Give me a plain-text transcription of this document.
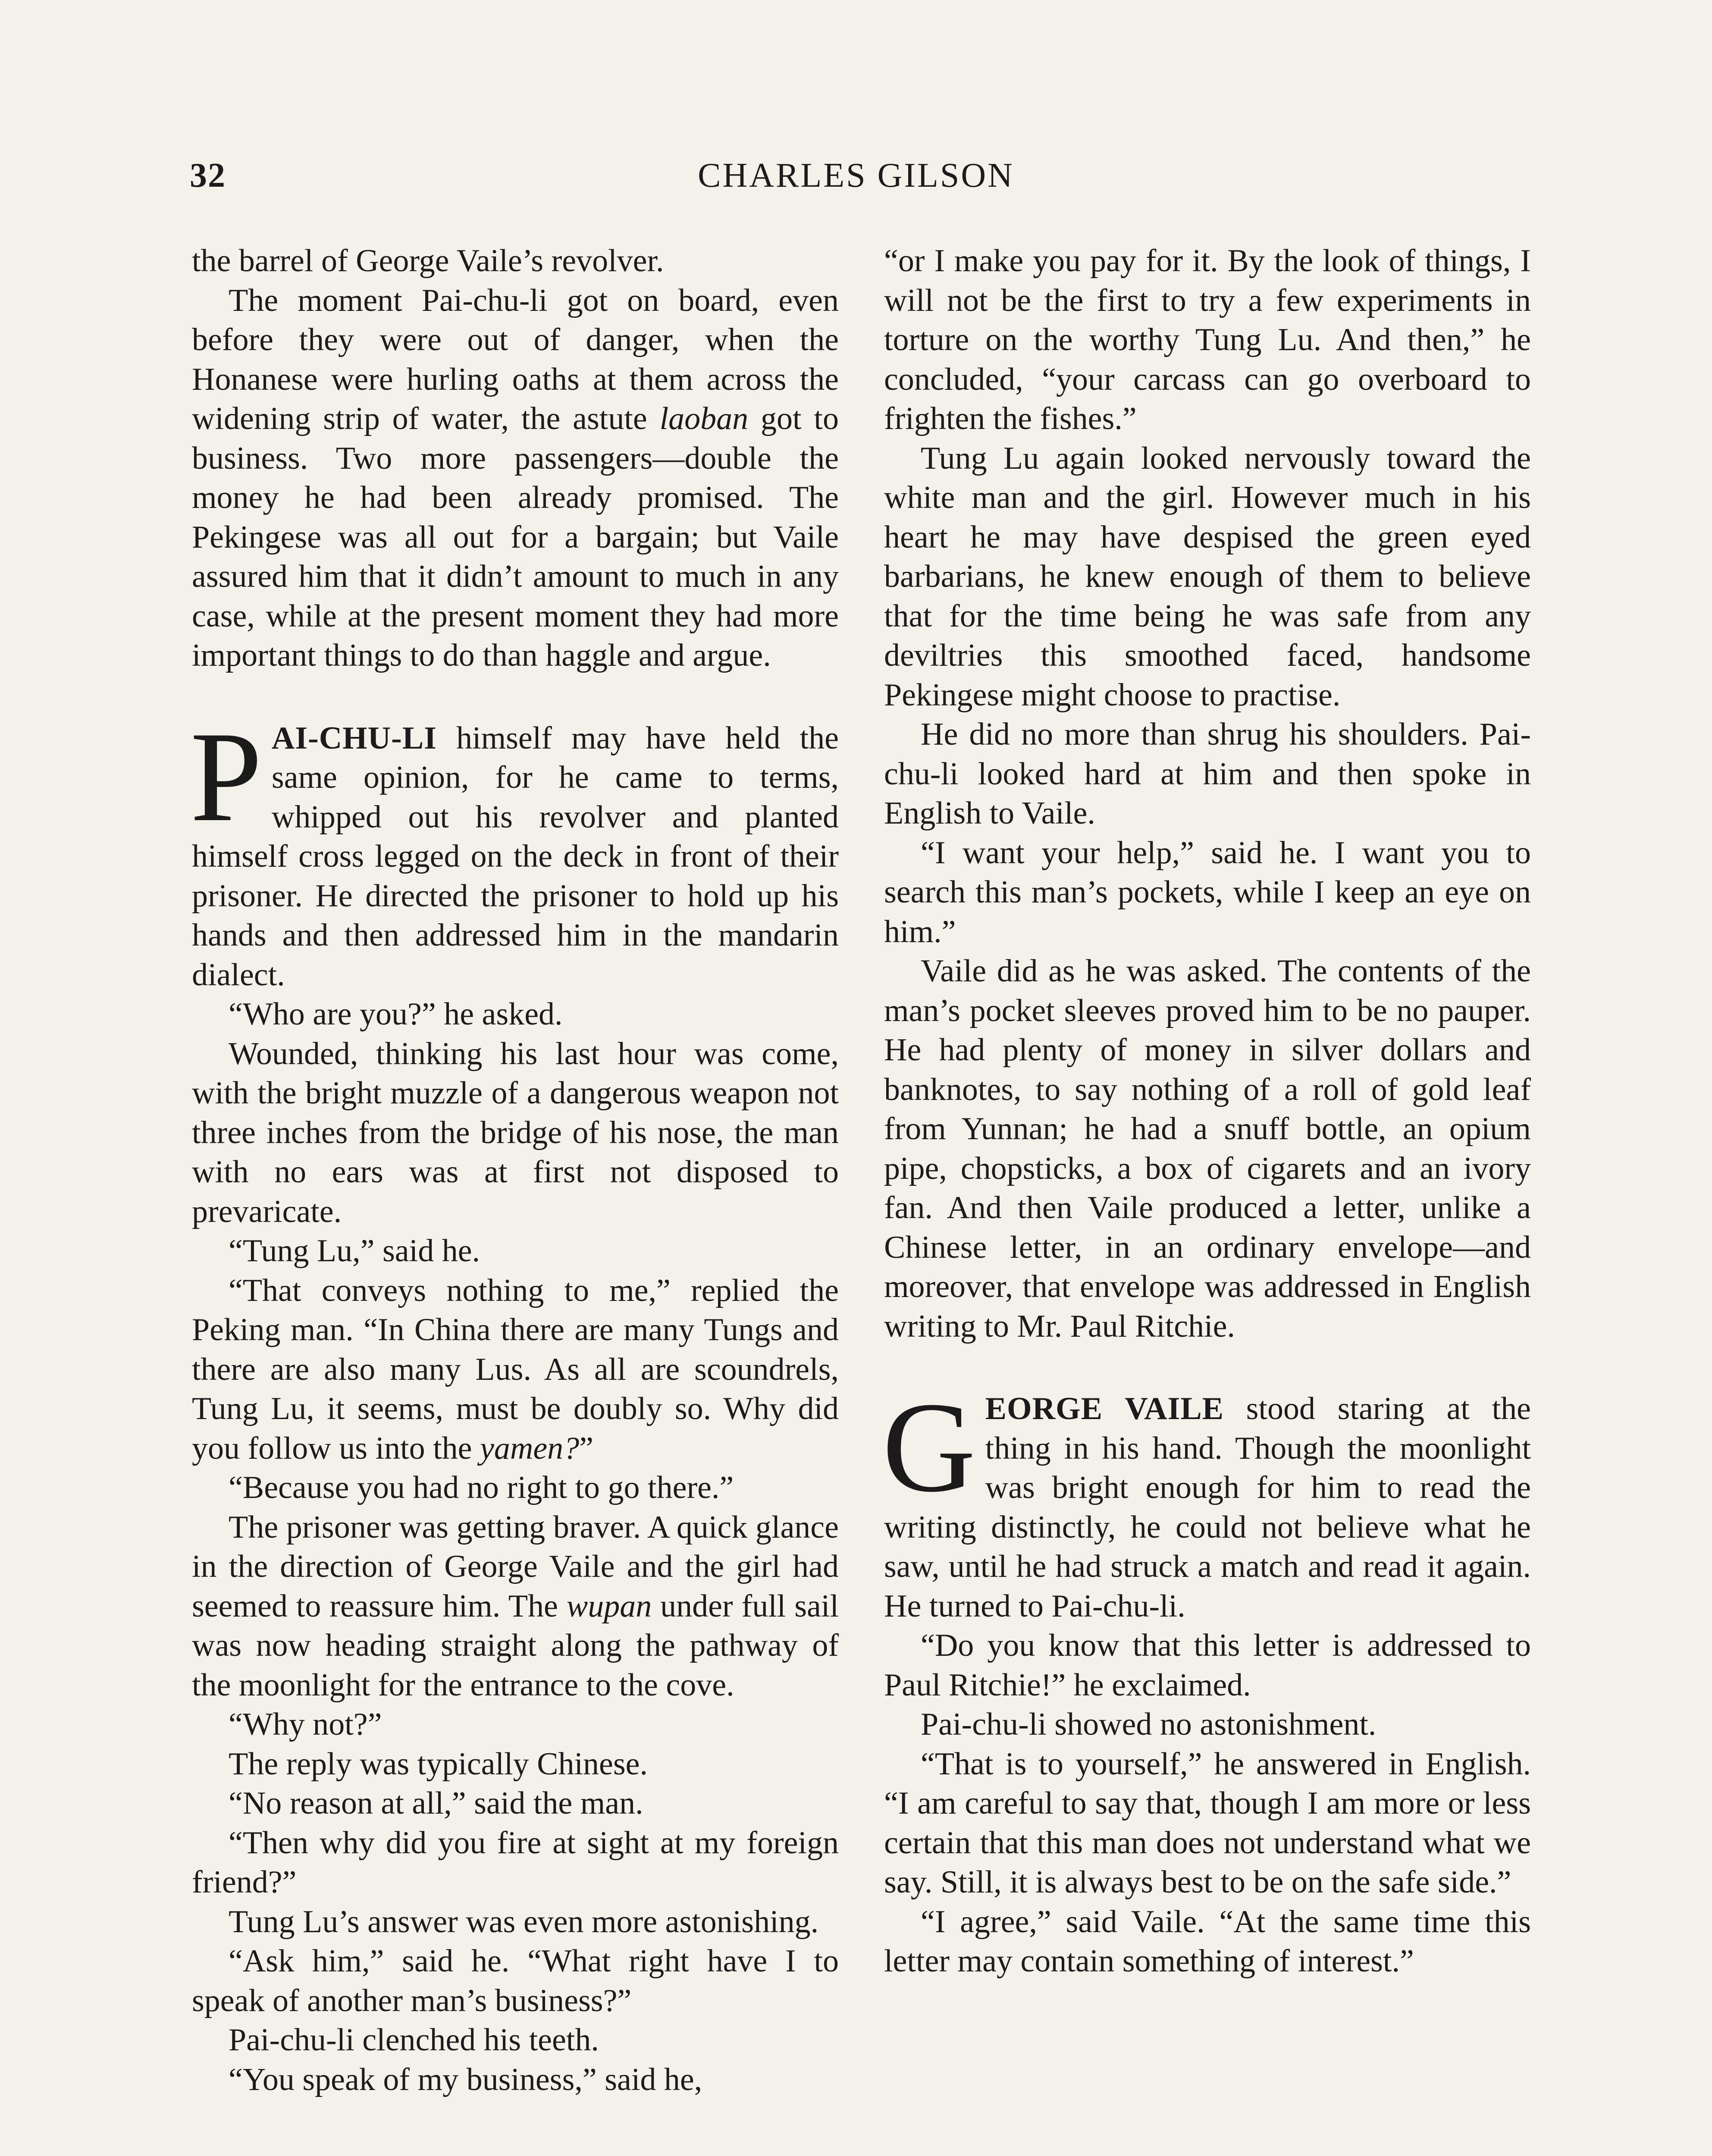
32	CHARLES GILSON

the barrel of George Vaile’s revolver.

The moment Pai-chu-li got on board, even before they were out of danger, when the Honanese were hurling oaths at them across the widening strip of water, the astute laoban got to business. Two more passengers—double the money he had been already promised. The Pekingese was all out for a bargain; but Vaile assured him that it didn’t amount to much in any case, while at the present moment they had more important things to do than haggle and argue.

PAI-CHU-LI himself may have held the same opinion, for he came to terms, whipped out his revolver and planted himself cross legged on the deck in front of their prisoner. He directed the prisoner to hold up his hands and then addressed him in the mandarin dialect.

“Who are you?” he asked.

Wounded, thinking his last hour was come, with the bright muzzle of a dangerous weapon not three inches from the bridge of his nose, the man with no ears was at first not disposed to prevaricate.

“Tung Lu,” said he.

“That conveys nothing to me,” replied the Peking man. “In China there are many Tungs and there are also many Lus. As all are scoundrels, Tung Lu, it seems, must be doubly so. Why did you follow us into the yamen?”

“Because you had no right to go there.”

The prisoner was getting braver. A quick glance in the direction of George Vaile and the girl had seemed to reassure him. The wupan under full sail was now heading straight along the pathway of the moonlight for the entrance to the cove.

“Why not?”

The reply was typically Chinese.

“No reason at all,” said the man.

“Then why did you fire at sight at my foreign friend?”

Tung Lu’s answer was even more astonishing.

“Ask him,” said he. “What right have I to speak of another man’s business?”

Pai-chu-li clenched his teeth.

“You speak of my business,” said he,

“or I make you pay for it. By the look of things, I will not be the first to try a few experiments in torture on the worthy Tung Lu. And then,” he concluded, “your carcass can go overboard to frighten the fishes.”

Tung Lu again looked nervously toward the white man and the girl. However much in his heart he may have despised the green eyed barbarians, he knew enough of them to believe that for the time being he was safe from any deviltries this smoothed faced, handsome Pekingese might choose to practise.

He did no more than shrug his shoulders. Pai-chu-li looked hard at him and then spoke in English to Vaile.

“I want your help,” said he. I want you to search this man’s pockets, while I keep an eye on him.”

Vaile did as he was asked. The contents of the man’s pocket sleeves proved him to be no pauper. He had plenty of money in silver dollars and banknotes, to say nothing of a roll of gold leaf from Yunnan; he had a snuff bottle, an opium pipe, chopsticks, a box of cigarets and an ivory fan. And then Vaile produced a letter, unlike a Chinese letter, in an ordinary envelope—and moreover, that envelope was addressed in English writing to Mr. Paul Ritchie.

GEORGE VAILE stood staring at the thing in his hand. Though the moonlight was bright enough for him to read the writing distinctly, he could not believe what he saw, until he had struck a match and read it again. He turned to Pai-chu-li.

“Do you know that this letter is addressed to Paul Ritchie!” he exclaimed.

Pai-chu-li showed no astonishment.

“That is to yourself,” he answered in English. “I am careful to say that, though I am more or less certain that this man does not understand what we say. Still, it is always best to be on the safe side.”

“I agree,” said Vaile. “At the same time this letter may contain something of interest.”
